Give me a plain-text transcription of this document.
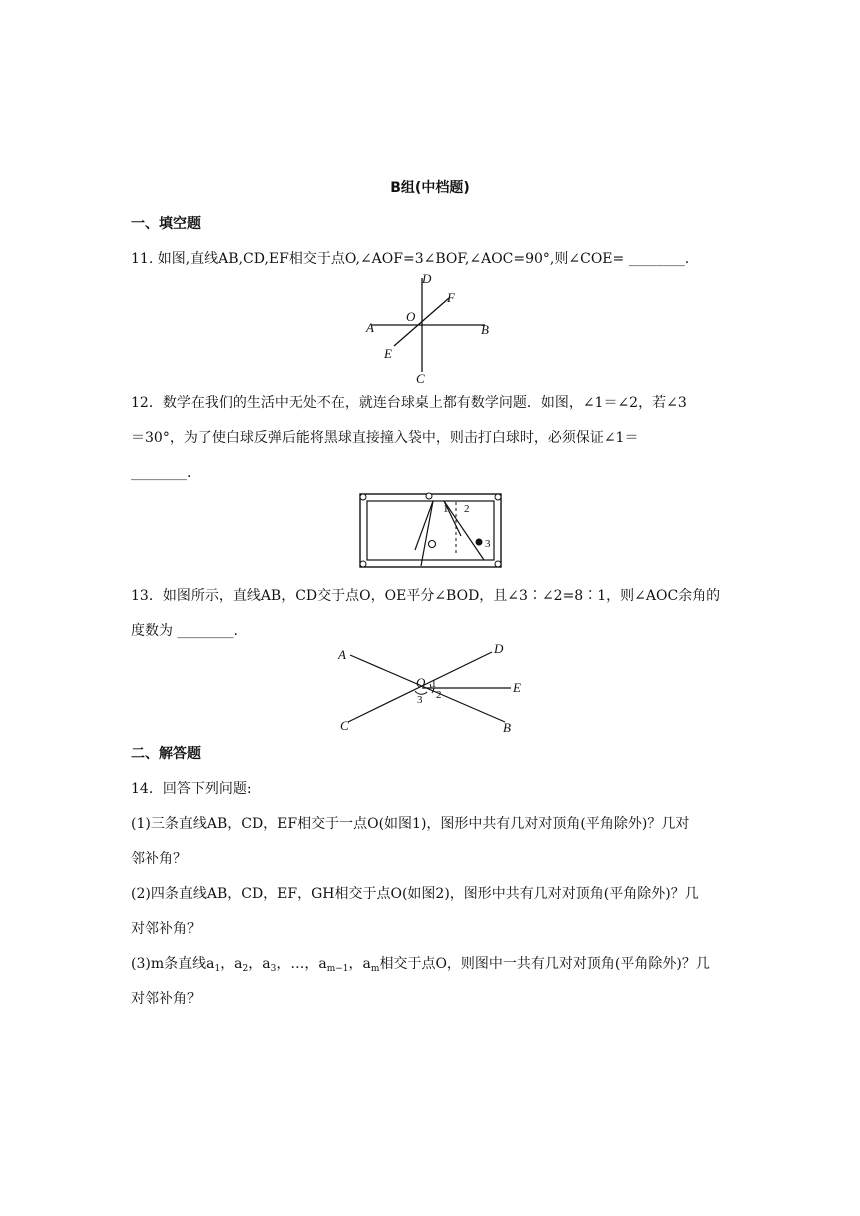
B组(中档题)
一、填空题
11. 如图,直线AB,CD,EF相交于点O,∠AOF=3∠BOF,∠AOC=90°,则∠COE= ________.
D
F
O
A	B
E
C
12．数学在我们的生活中无处不在，就连台球桌上都有数学问题．如图，∠1＝∠2，若∠3
＝30°，为了使白球反弹后能将黑球直接撞入袋中，则击打白球时，必须保证∠1＝
________.
1 2
3
13．如图所示，直线AB，CD交于点O，OE平分∠BOD，且∠3∶∠2=8∶1，则∠AOC余角的
度数为 ________.
A	D
O 1
2
3
E
C	B
二、解答题
14．回答下列问题:
(1)三条直线AB，CD，EF相交于一点O(如图1)，图形中共有几对对顶角(平角除外)？几对
邻补角？
(2)四条直线AB，CD，EF，GH相交于点O(如图2)，图形中共有几对对顶角(平角除外)？几
对邻补角？
(3)m条直线$a_1$，$a_2$，$a_3$，…，$a_{m-1}$，$a_m$相交于点O，则图中一共有几对对顶角(平角除外)？几
对邻补角？
